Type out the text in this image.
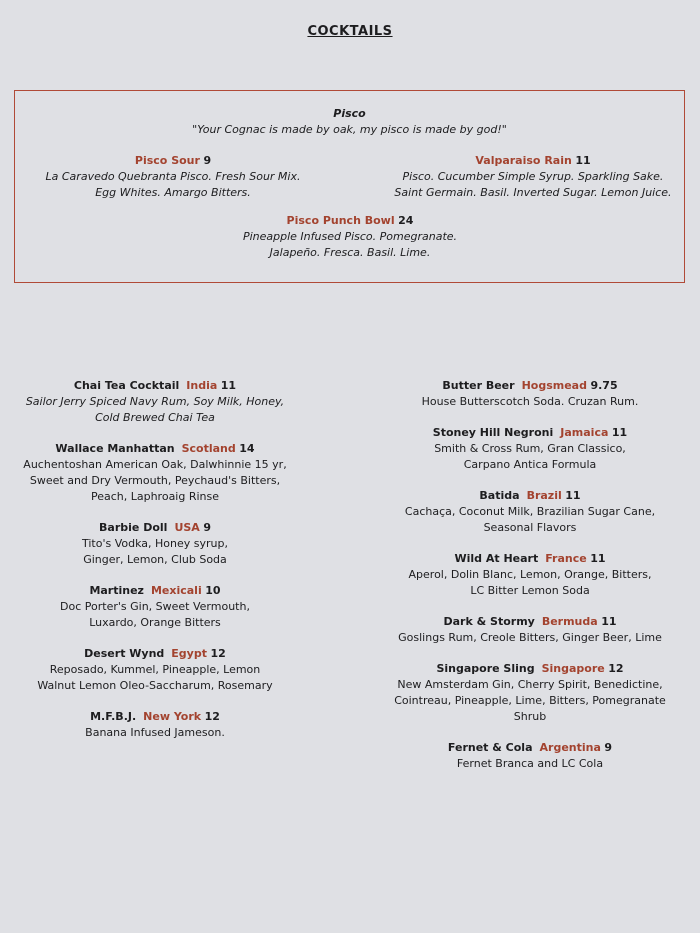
COCKTAILS
Pisco
"Your Cognac is made by oak, my pisco is made by god!"
Pisco Sour 9
La Caravedo Quebranta Pisco. Fresh Sour Mix.
Egg Whites. Amargo Bitters.
Valparaiso Rain 11
Pisco. Cucumber Simple Syrup. Sparkling Sake.
Saint Germain. Basil. Inverted Sugar. Lemon Juice.
Pisco Punch Bowl 24
Pineapple Infused Pisco. Pomegranate.
Jalapeño. Fresca. Basil. Lime.
Chai Tea Cocktail India 11
Sailor Jerry Spiced Navy Rum, Soy Milk, Honey,
Cold Brewed Chai Tea
Wallace Manhattan Scotland 14
Auchentoshan American Oak, Dalwhinnie 15 yr,
Sweet and Dry Vermouth, Peychaud's Bitters,
Peach, Laphroaig Rinse
Barbie Doll USA 9
Tito's Vodka, Honey syrup,
Ginger, Lemon, Club Soda
Martinez Mexicali 10
Doc Porter's Gin, Sweet Vermouth,
Luxardo, Orange Bitters
Desert Wynd Egypt 12
Reposado, Kummel, Pineapple, Lemon
Walnut Lemon Oleo-Saccharum, Rosemary
M.F.B.J. New York 12
Banana Infused Jameson.
Butter Beer Hogsmead 9.75
House Butterscotch Soda. Cruzan Rum.
Stoney Hill Negroni Jamaica 11
Smith & Cross Rum, Gran Classico,
Carpano Antica Formula
Batida Brazil 11
Cachaça, Coconut Milk, Brazilian Sugar Cane,
Seasonal Flavors
Wild At Heart France 11
Aperol, Dolin Blanc, Lemon, Orange, Bitters,
LC Bitter Lemon Soda
Dark & Stormy Bermuda 11
Goslings Rum, Creole Bitters, Ginger Beer, Lime
Singapore Sling Singapore 12
New Amsterdam Gin, Cherry Spirit, Benedictine,
Cointreau, Pineapple, Lime, Bitters, Pomegranate Shrub
Fernet & Cola Argentina 9
Fernet Branca and LC Cola
